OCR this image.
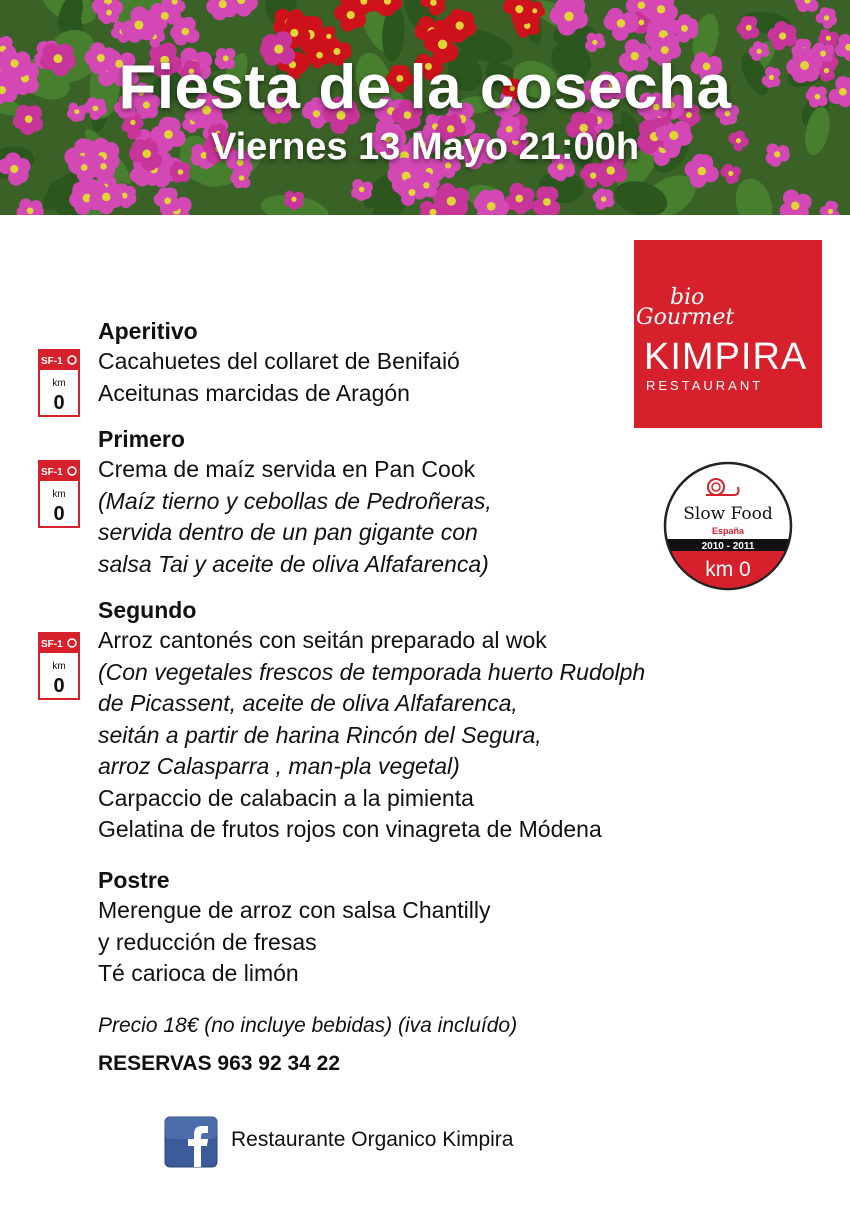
Fiesta de la cosecha
Viernes 13 Mayo 21:00h
bio
Gourmet
KIMPIRA
RESTAURANT
Slow Food
España
2010 - 2011
km 0
SF-1
km
0
SF-1
km
0
SF-1
km
0
Aperitivo
Cacahuetes del collaret de Benifaió
Aceitunas marcidas de Aragón
Primero
Crema de maíz servida en Pan Cook
(Maíz tierno y cebollas de Pedroñeras,
servida dentro de un pan gigante con
salsa Tai y aceite de oliva Alfafarenca)
Segundo
Arroz cantonés con seitán preparado al wok
(Con vegetales frescos de temporada huerto Rudolph
de Picassent, aceite de oliva Alfafarenca,
seitán a partir de harina Rincón del Segura,
arroz Calasparra , man-pla vegetal)
Carpaccio de calabacin a la pimienta
Gelatina de frutos rojos con vinagreta de Módena
Postre
Merengue de arroz con salsa Chantilly
y reducción de fresas
Té carioca de limón
Precio 18€ (no incluye bebidas) (iva incluído)
RESERVAS 963 92 34 22
Restaurante Organico Kimpira
